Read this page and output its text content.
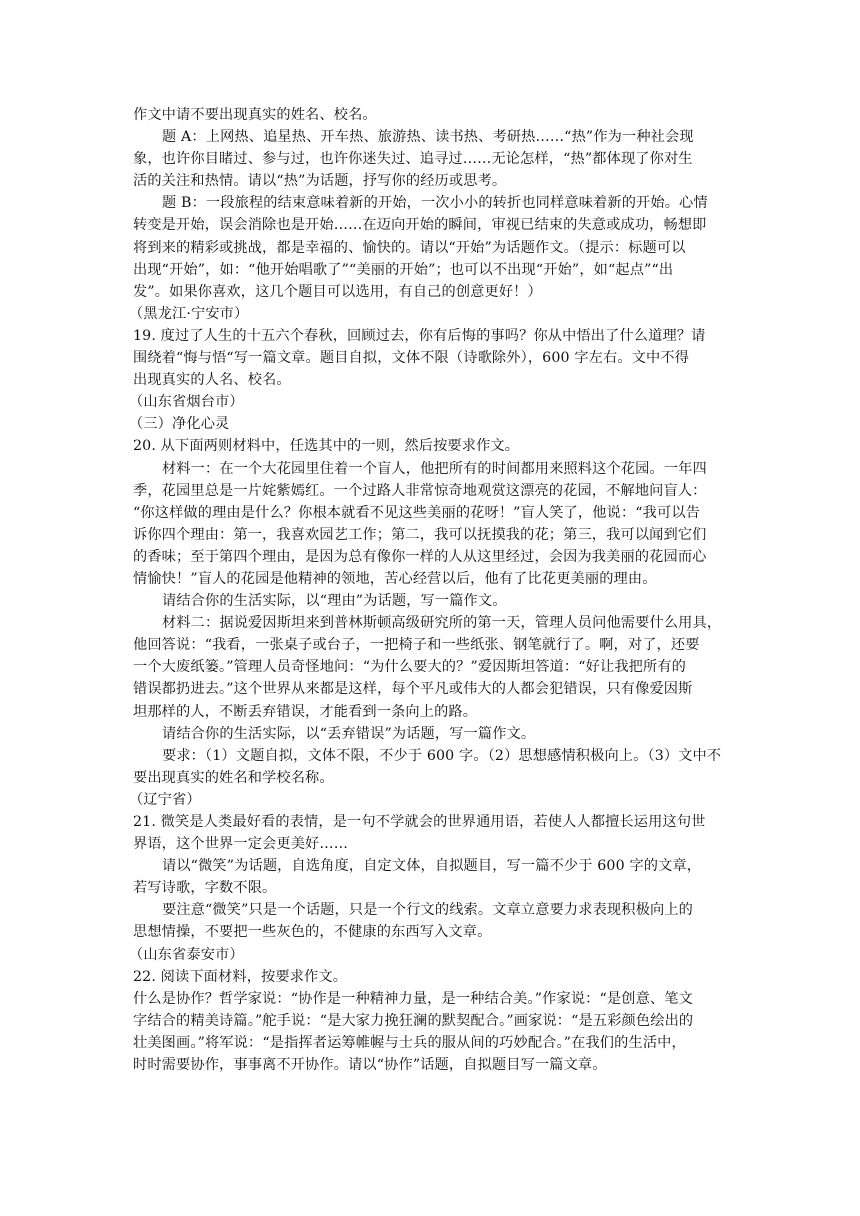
作文中请不要出现真实的姓名、校名。
题 A：上网热、追星热、开车热、旅游热、读书热、考研热……“热”作为一种社会现
象，也许你目睹过、参与过，也许你迷失过、追寻过……无论怎样，“热”都体现了你对生
活的关注和热情。请以“热”为话题，抒写你的经历或思考。
题 B：一段旅程的结束意味着新的开始，一次小小的转折也同样意味着新的开始。心情
转变是开始，误会消除也是开始……在迈向开始的瞬间，审视已结束的失意或成功，畅想即
将到来的精彩或挑战，都是幸福的、愉快的。请以“开始”为话题作文。（提示：标题可以
出现“开始”，如：“他开始唱歌了”“美丽的开始”；也可以不出现“开始”，如“起点”“出
发”。如果你喜欢，这几个题目可以选用，有自己的创意更好！）
（黑龙江·宁安市）
19. 度过了人生的十五六个春秋，回顾过去，你有后悔的事吗？你从中悟出了什么道理？请
围绕着“悔与悟“写一篇文章。题目自拟，文体不限（诗歌除外），600 字左右。文中不得
出现真实的人名、校名。
（山东省烟台市）
（三）净化心灵
20. 从下面两则材料中，任选其中的一则，然后按要求作文。
材料一：在一个大花园里住着一个盲人，他把所有的时间都用来照料这个花园。一年四
季，花园里总是一片姹紫嫣红。一个过路人非常惊奇地观赏这漂亮的花园，不解地问盲人：
“你这样做的理由是什么？你根本就看不见这些美丽的花呀！”盲人笑了，他说：“我可以告
诉你四个理由：第一，我喜欢园艺工作；第二，我可以抚摸我的花；第三，我可以闻到它们
的香味；至于第四个理由，是因为总有像你一样的人从这里经过，会因为我美丽的花园而心
情愉快！”盲人的花园是他精神的领地，苦心经营以后，他有了比花更美丽的理由。
请结合你的生活实际，以“理由”为话题，写一篇作文。
材料二：据说爱因斯坦来到普林斯顿高级研究所的第一天，管理人员问他需要什么用具，
他回答说：“我看，一张桌子或台子，一把椅子和一些纸张、钢笔就行了。啊，对了，还要
一个大废纸篓。”管理人员奇怪地问：“为什么要大的？”爱因斯坦答道：“好让我把所有的
错误都扔进去。”这个世界从来都是这样，每个平凡或伟大的人都会犯错误，只有像爱因斯
坦那样的人，不断丢弃错误，才能看到一条向上的路。
请结合你的生活实际，以“丢弃错误”为话题，写一篇作文。
要求：（1）文题自拟，文体不限，不少于 600 字。（2）思想感情积极向上。（3）文中不
要出现真实的姓名和学校名称。
（辽宁省）
21. 微笑是人类最好看的表情，是一句不学就会的世界通用语，若使人人都擅长运用这句世
界语，这个世界一定会更美好……
请以“微笑”为话题，自选角度，自定文体，自拟题目，写一篇不少于 600 字的文章，
若写诗歌，字数不限。
要注意“微笑”只是一个话题，只是一个行文的线索。文章立意要力求表现积极向上的
思想情操，不要把一些灰色的，不健康的东西写入文章。
（山东省泰安市）
22. 阅读下面材料，按要求作文。
什么是协作？哲学家说：“协作是一种精神力量，是一种结合美。”作家说：“是创意、笔文
字结合的精美诗篇。”舵手说：“是大家力挽狂澜的默契配合。”画家说：“是五彩颜色绘出的
壮美图画。”将军说：“是指挥者运筹帷幄与士兵的服从间的巧妙配合。”在我们的生活中，
时时需要协作，事事离不开协作。请以“协作”话题，自拟题目写一篇文章。
